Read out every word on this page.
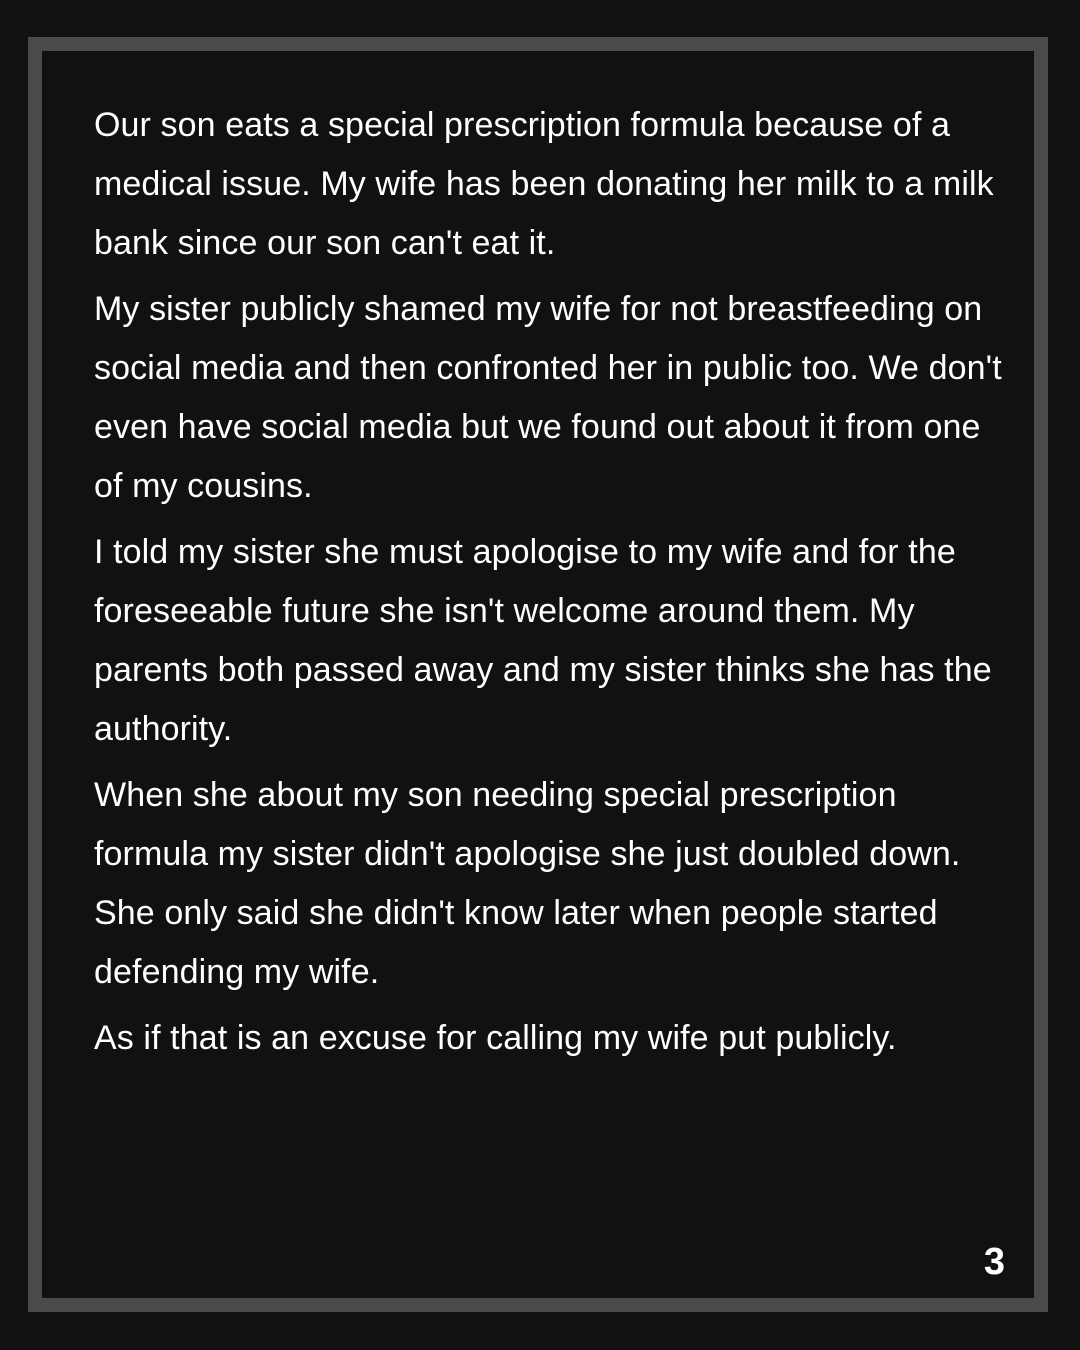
Our son eats a special prescription formula because of a medical issue. My wife has been donating her milk to a milk bank since our son can't eat it.

My sister publicly shamed my wife for not breastfeeding on social media and then confronted her in public too. We don't even have social media but we found out about it from one of my cousins.

I told my sister she must apologise to my wife and for the foreseeable future she isn't welcome around them. My parents both passed away and my sister thinks she has the authority.

When she about my son needing special prescription formula my sister didn't apologise she just doubled down. She only said she didn't know later when people started defending my wife.

As if that is an excuse for calling my wife put publicly.

3
